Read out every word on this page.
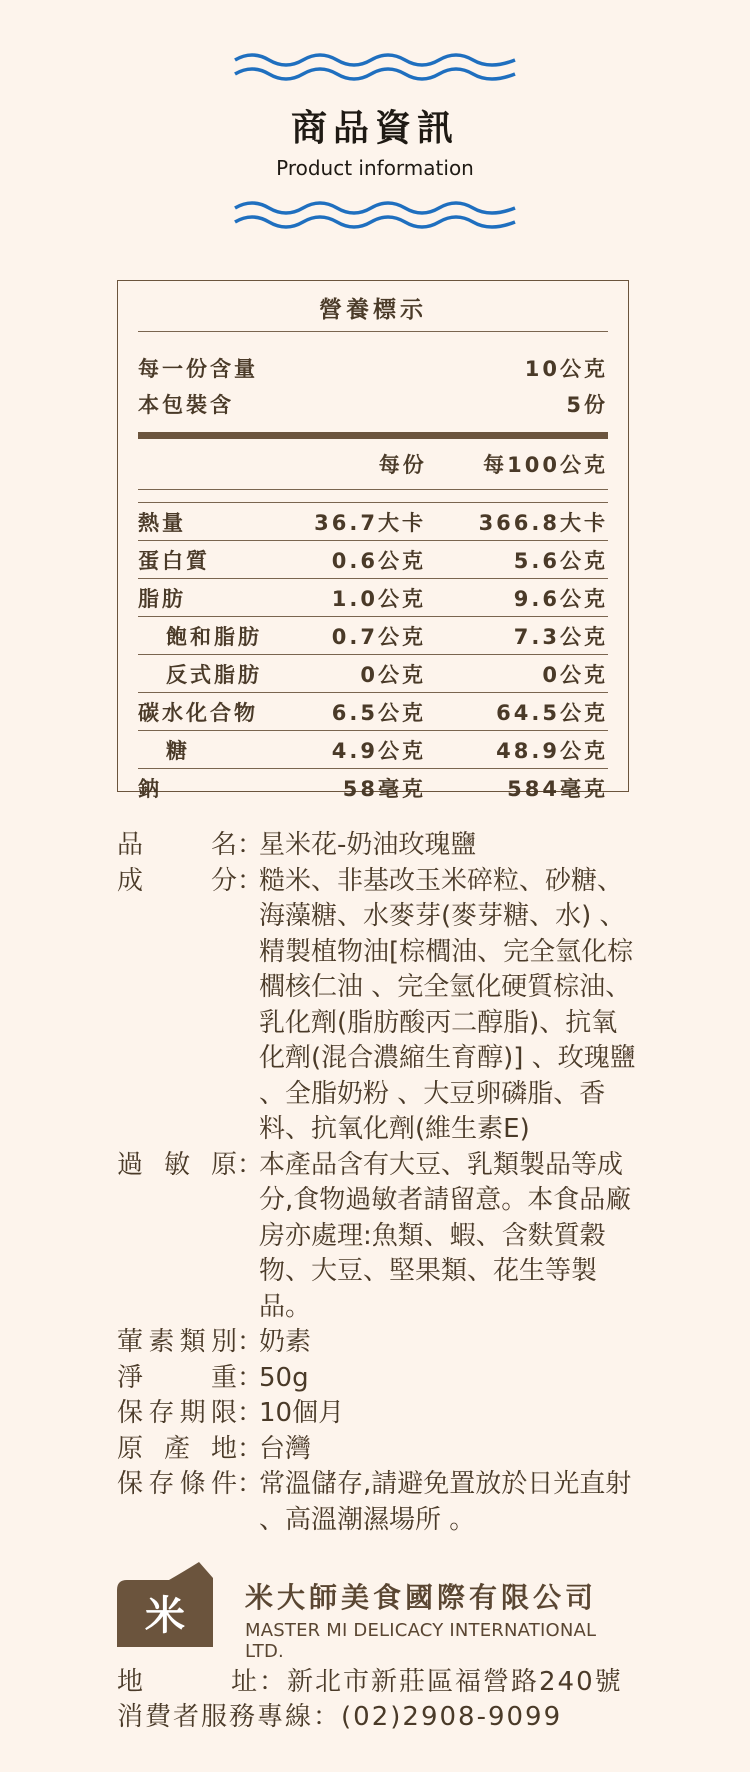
商品資訊
Product information
營養標示
每一份含量	10公克
本包裝含	5份
每份	每100公克
熱量	36.7大卡	366.8大卡
蛋白質	0.6公克	5.6公克
脂肪	1.0公克	9.6公克
飽和脂肪	0.7公克	7.3公克
反式脂肪	0公克	0公克
碳水化合物	6.5公克	64.5公克
糖	4.9公克	48.9公克
鈉	58毫克	584毫克
品名 ：
星米花-奶油玫瑰鹽
成分 ：
糙米、非基改玉米碎粒、砂糖、海藻糖、水麥芽(麥芽糖、水) 、精製植物油[棕櫚油、完全氫化棕櫚核仁油 、完全氫化硬質棕油、乳化劑(脂肪酸丙二醇脂)、抗氧化劑(混合濃縮生育醇)] 、玫瑰鹽 、全脂奶粉 、大豆卵磷脂、香料、抗氧化劑(維生素E)
過敏原 ：
本產品含有大豆、乳類製品等成分,食物過敏者請留意。本食品廠房亦處理:魚類、蝦、含麩質穀物、大豆、堅果類、花生等製品。
葷素類別 ：
奶素
淨重 ：
50g
保存期限 ：
10個月
原產地 ：
台灣
保存條件 ：
常溫儲存,請避免置放於日光直射 、高溫潮濕場所 。
米	米大師美食國際有限公司
MASTER MI DELICACY INTERNATIONAL LTD.
地址 ： 新北市新莊區福營路240號
消費者服務專線 ： (02)2908-9099
